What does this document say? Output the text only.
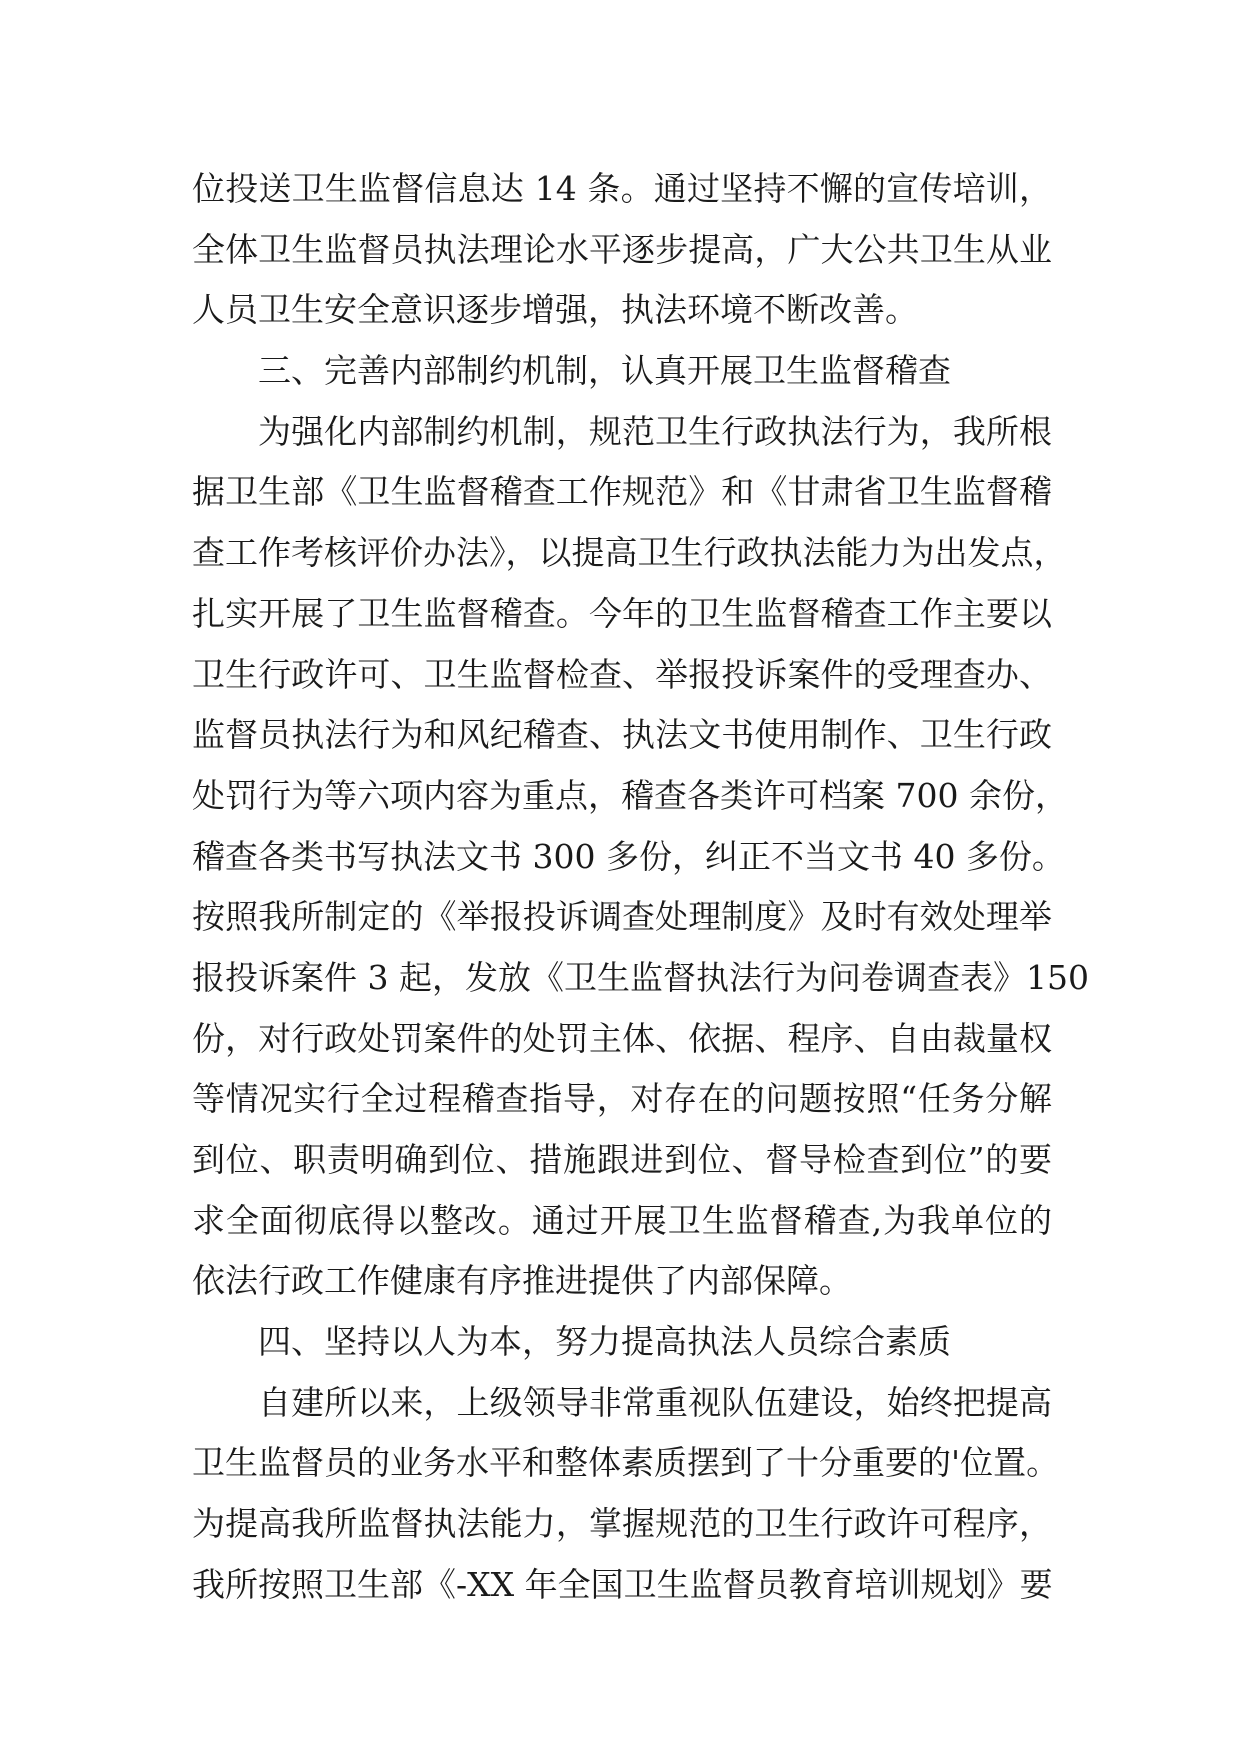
位投送卫生监督信息达 14 条。通过坚持不懈的宣传培训，
全体卫生监督员执法理论水平逐步提高，广大公共卫生从业
人员卫生安全意识逐步增强，执法环境不断改善。
三、完善内部制约机制，认真开展卫生监督稽查
为强化内部制约机制，规范卫生行政执法行为，我所根
据卫生部《卫生监督稽查工作规范》和《甘肃省卫生监督稽
查工作考核评价办法》，以提高卫生行政执法能力为出发点，
扎实开展了卫生监督稽查。今年的卫生监督稽查工作主要以
卫生行政许可、卫生监督检查、举报投诉案件的受理查办、
监督员执法行为和风纪稽查、执法文书使用制作、卫生行政
处罚行为等六项内容为重点，稽查各类许可档案 700 余份，
稽查各类书写执法文书 300 多份，纠正不当文书 40 多份。
按照我所制定的《举报投诉调查处理制度》及时有效处理举
报投诉案件 3 起，发放《卫生监督执法行为问卷调查表》150
份，对行政处罚案件的处罚主体、依据、程序、自由裁量权
等情况实行全过程稽查指导，对存在的问题按照“任务分解
到位、职责明确到位、措施跟进到位、督导检查到位”的要
求全面彻底得以整改。通过开展卫生监督稽查,为我单位的
依法行政工作健康有序推进提供了内部保障。
四、坚持以人为本，努力提高执法人员综合素质
自建所以来，上级领导非常重视队伍建设，始终把提高
卫生监督员的业务水平和整体素质摆到了十分重要的'位置。
为提高我所监督执法能力，掌握规范的卫生行政许可程序，
我所按照卫生部《-XX 年全国卫生监督员教育培训规划》要
